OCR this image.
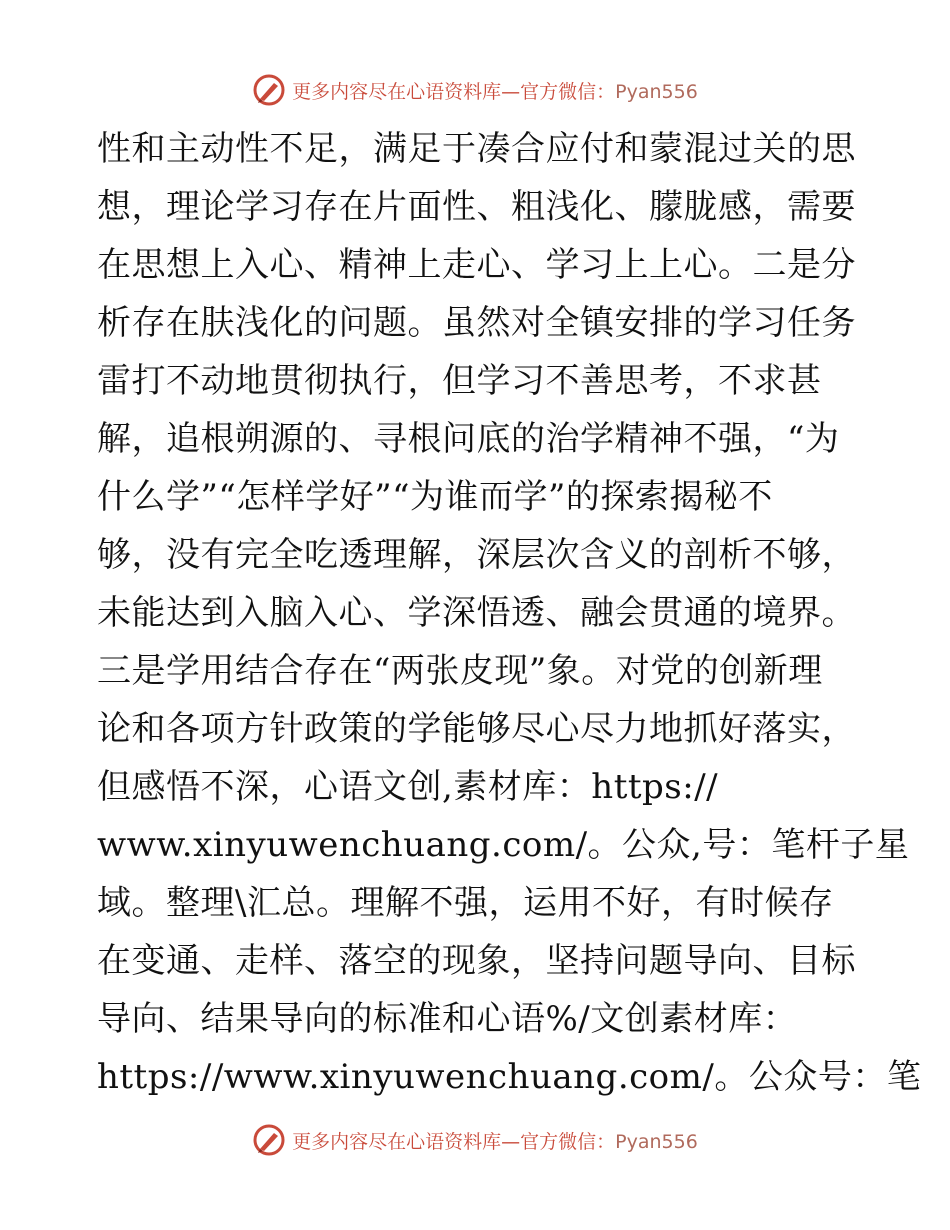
更多内容尽在心语资料库—官方微信：Pyan556
性和主动性不足，满足于凑合应付和蒙混过关的思
想，理论学习存在片面性、粗浅化、朦胧感，需要
在思想上入心、精神上走心、学习上上心。二是分
析存在肤浅化的问题。虽然对全镇安排的学习任务
雷打不动地贯彻执行，但学习不善思考，不求甚
解，追根朔源的、寻根问底的治学精神不强，“为
什么学”“怎样学好”“为谁而学”的探索揭秘不
够，没有完全吃透理解，深层次含义的剖析不够，
未能达到入脑入心、学深悟透、融会贯通的境界。
三是学用结合存在“两张皮现”象。对党的创新理
论和各项方针政策的学能够尽心尽力地抓好落实，
但感悟不深，心语文创,素材库：https://
www.xinyuwenchuang.com/。公众,号：笔杆子星
域。整理\汇总。理解不强，运用不好，有时候存
在变通、走样、落空的现象，坚持问题导向、目标
导向、结果导向的标准和心语%/文创素材库：
https://www.xinyuwenchuang.com/。公众号：笔
更多内容尽在心语资料库—官方微信：Pyan556
